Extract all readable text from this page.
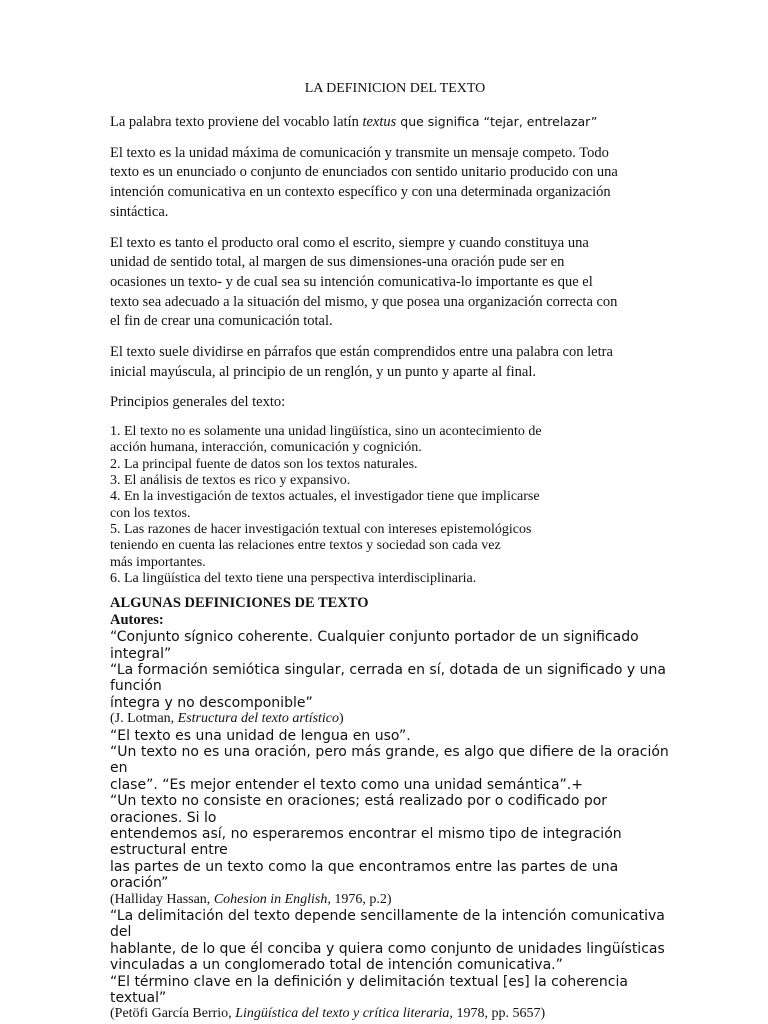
LA DEFINICION DEL TEXTO

La palabra texto proviene del vocablo latín textus que significa “tejar, entrelazar”

El texto es la unidad máxima de comunicación y transmite un mensaje competo. Todo
texto es un enunciado o conjunto de enunciados con sentido unitario producido con una
intención comunicativa en un contexto específico y con una determinada organización
sintáctica.

El texto es tanto el producto oral como el escrito, siempre y cuando constituya una
unidad de sentido total, al margen de sus dimensiones-una oración pude ser en
ocasiones un texto- y de cual sea su intención comunicativa-lo importante es que el
texto sea adecuado a la situación del mismo, y que posea una organización correcta con
el fin de crear una comunicación total.

El texto suele dividirse en párrafos que están comprendidos entre una palabra con letra
inicial mayúscula, al principio de un renglón, y un punto y aparte al final.

Principios generales del texto:

1. El texto no es solamente una unidad lingüística, sino un acontecimiento de

acción humana, interacción, comunicación y cognición.

2. La principal fuente de datos son los textos naturales.

3. El análisis de textos es rico y expansivo.

4. En la investigación de textos actuales, el investigador tiene que implicarse

con los textos.

5. Las razones de hacer investigación textual con intereses epistemológicos

teniendo en cuenta las relaciones entre textos y sociedad son cada vez

más importantes.

6. La lingüística del texto tiene una perspectiva interdisciplinaria.

ALGUNAS DEFINICIONES DE TEXTO

Autores:

“Conjunto sígnico coherente. Cualquier conjunto portador de un significado integral”

“La formación semiótica singular, cerrada en sí, dotada de un significado y una función

íntegra y no descomponible”

(J. Lotman, Estructura del texto artístico)

“El texto es una unidad de lengua en uso”.

“Un texto no es una oración, pero más grande, es algo que difiere de la oración en

clase”. “Es mejor entender el texto como una unidad semántica”.+

“Un texto no consiste en oraciones; está realizado por o codificado por oraciones. Si lo

entendemos así, no esperaremos encontrar el mismo tipo de integración estructural entre

las partes de un texto como la que encontramos entre las partes de una oración”

(Halliday Hassan, Cohesion in English, 1976, p.2)

“La delimitación del texto depende sencillamente de la intención comunicativa del

hablante, de lo que él conciba y quiera como conjunto de unidades lingüísticas

vinculadas a un conglomerado total de intención comunicativa.”

“El término clave en la definición y delimitación textual [es] la coherencia textual”

(Petöfi García Berrio, Lingüística del texto y crítica literaria, 1978, pp. 5657)
